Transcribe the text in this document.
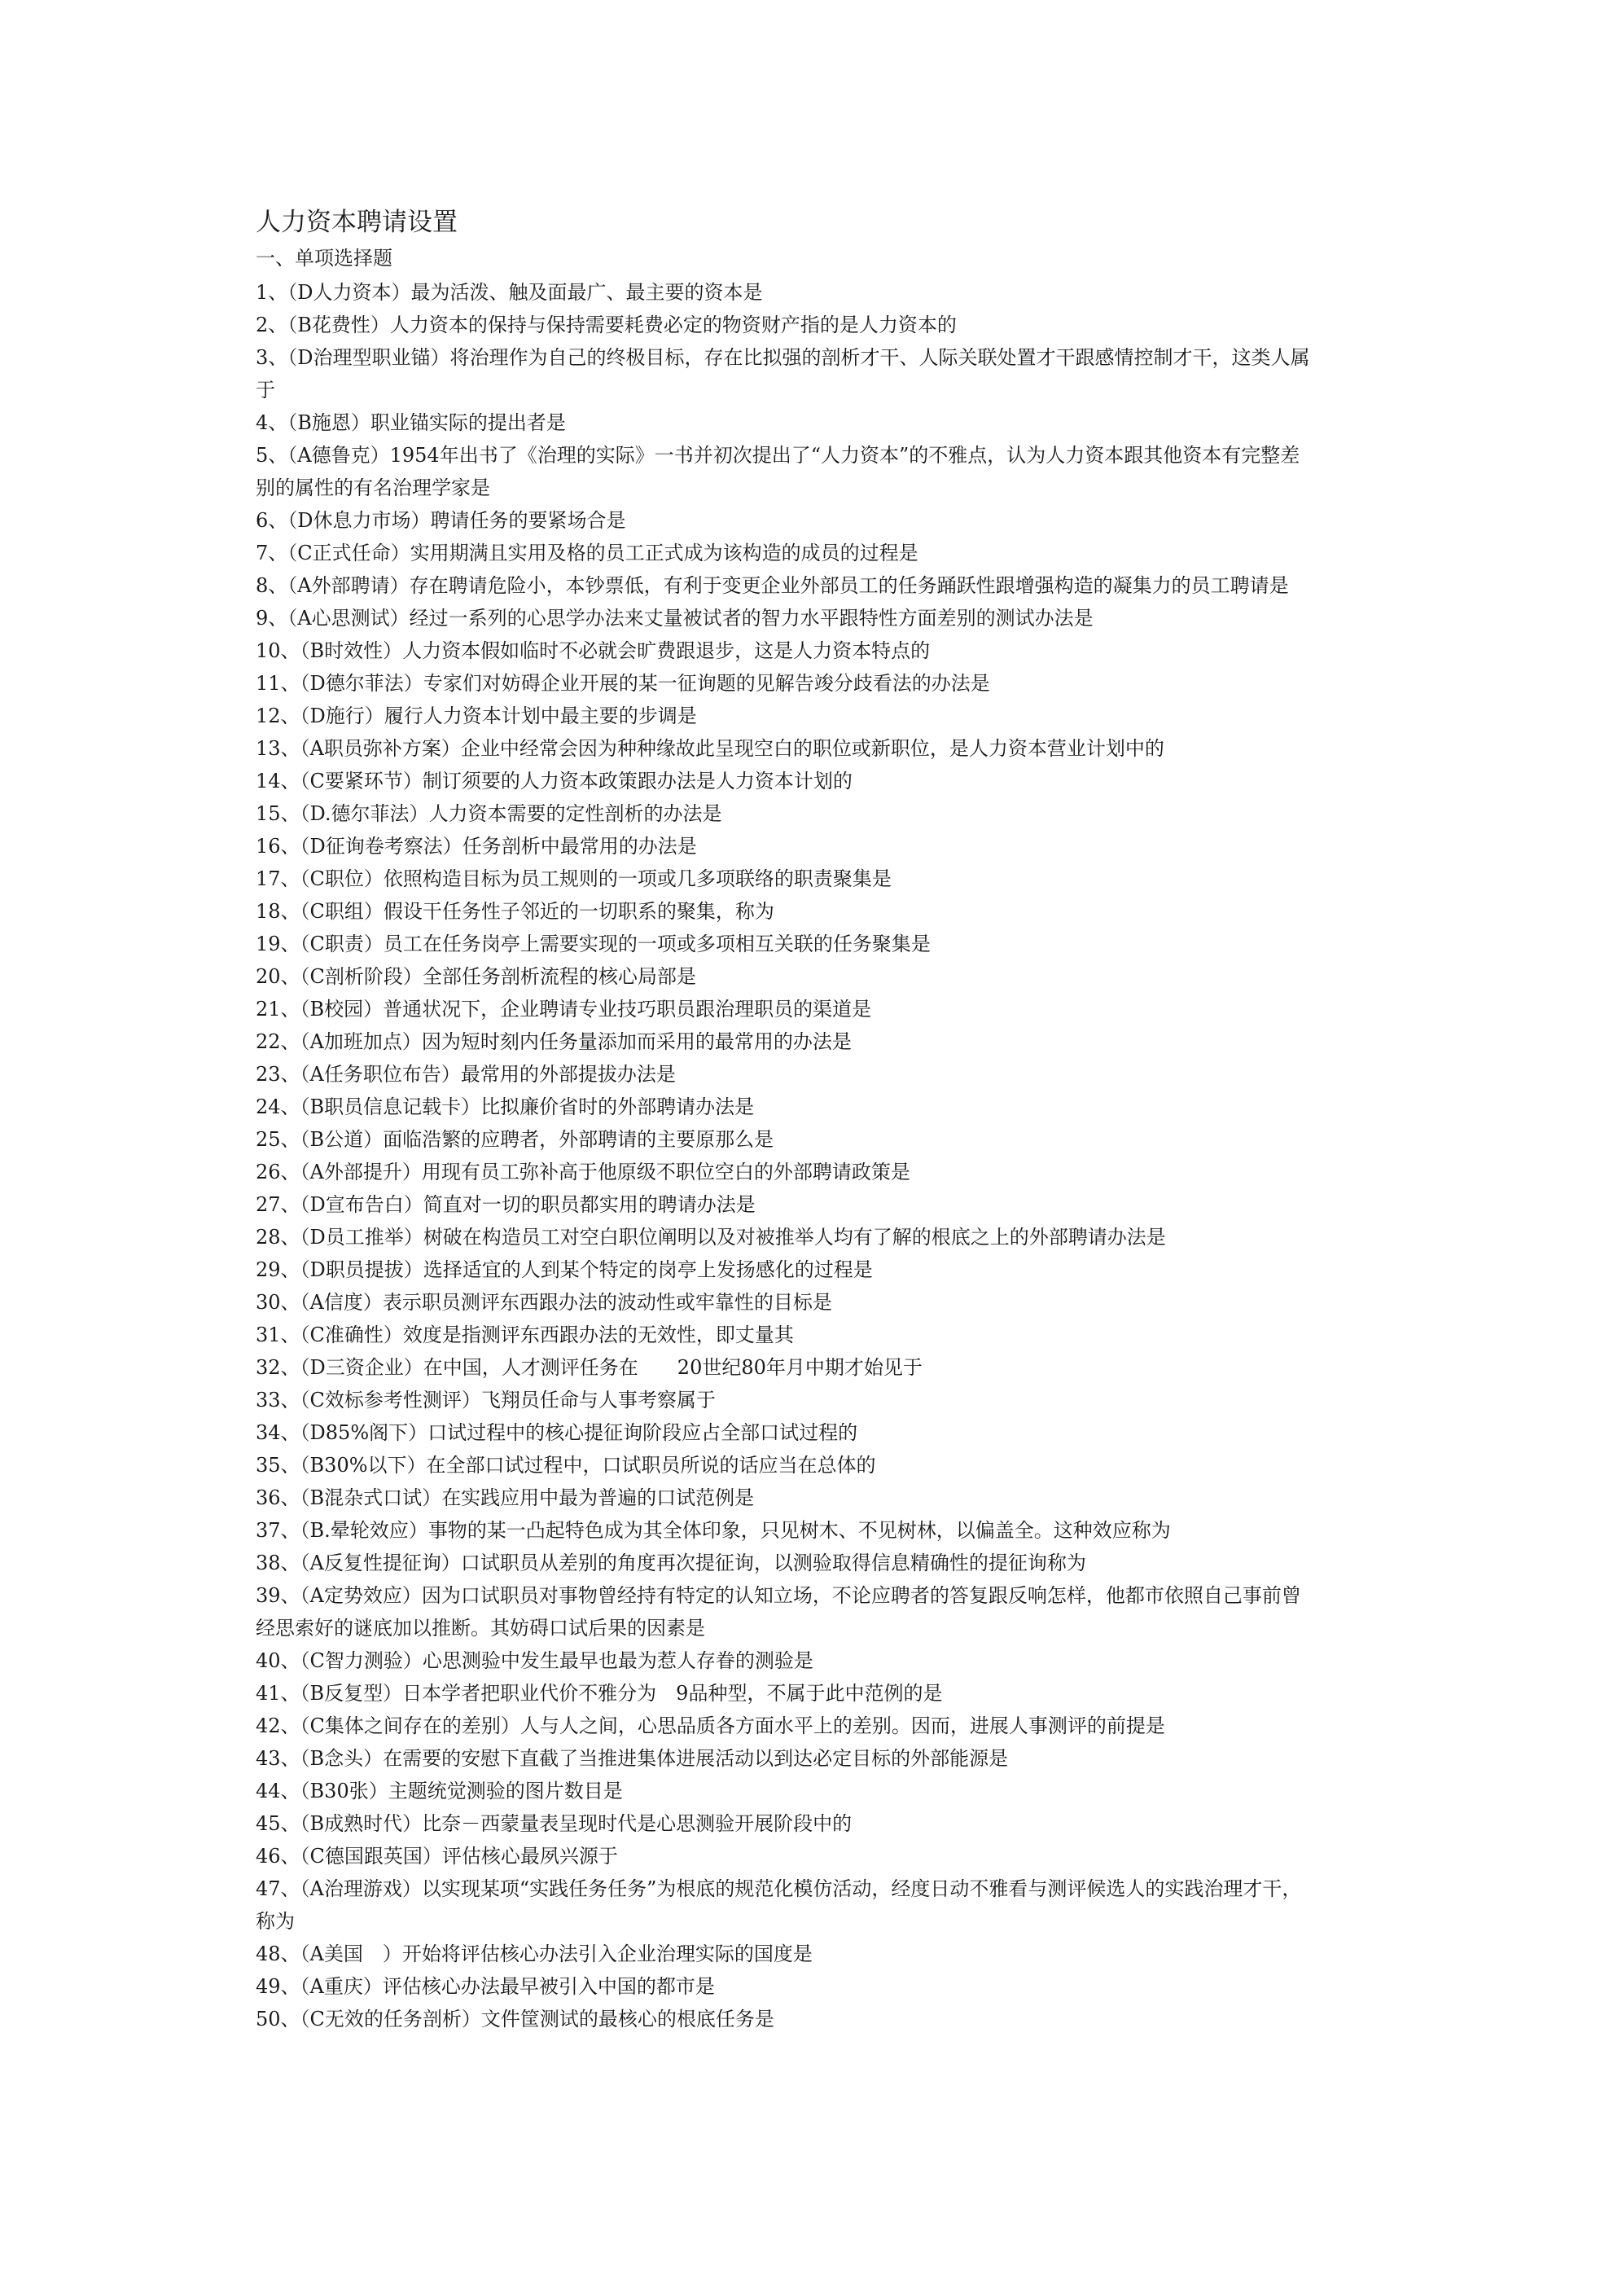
人力资本聘请设置
一、单项选择题
1、（D人力资本）最为活泼、触及面最广、最主要的资本是
2、（B花费性）人力资本的保持与保持需要耗费必定的物资财产指的是人力资本的
3、（D治理型职业锚）将治理作为自己的终极目标，存在比拟强的剖析才干、人际关联处置才干跟感情控制才干，这类人属于
4、（B施恩）职业锚实际的提出者是
5、（A德鲁克）1954年出书了《治理的实际》一书并初次提出了“人力资本”的不雅点，认为人力资本跟其他资本有完整差别的属性的有名治理学家是
6、（D休息力市场）聘请任务的要紧场合是
7、（C正式任命）实用期满且实用及格的员工正式成为该构造的成员的过程是
8、（A外部聘请）存在聘请危险小，本钞票低，有利于变更企业外部员工的任务踊跃性跟增强构造的凝集力的员工聘请是
9、（A心思测试）经过一系列的心思学办法来丈量被试者的智力水平跟特性方面差别的测试办法是
10、（B时效性）人力资本假如临时不必就会旷费跟退步，这是人力资本特点的
11、（D德尔菲法）专家们对妨碍企业开展的某一征询题的见解告竣分歧看法的办法是
12、（D施行）履行人力资本计划中最主要的步调是
13、（A职员弥补方案）企业中经常会因为种种缘故此呈现空白的职位或新职位，是人力资本营业计划中的
14、（C要紧环节）制订须要的人力资本政策跟办法是人力资本计划的
15、（D.德尔菲法）人力资本需要的定性剖析的办法是
16、（D征询卷考察法）任务剖析中最常用的办法是
17、（C职位）依照构造目标为员工规则的一项或几多项联络的职责聚集是
18、（C职组）假设干任务性子邻近的一切职系的聚集，称为
19、（C职责）员工在任务岗亭上需要实现的一项或多项相互关联的任务聚集是
20、（C剖析阶段）全部任务剖析流程的核心局部是
21、（B校园）普通状况下，企业聘请专业技巧职员跟治理职员的渠道是
22、（A加班加点）因为短时刻内任务量添加而采用的最常用的办法是
23、（A任务职位布告）最常用的外部提拔办法是
24、（B职员信息记载卡）比拟廉价省时的外部聘请办法是
25、（B公道）面临浩繁的应聘者，外部聘请的主要原那么是
26、（A外部提升）用现有员工弥补高于他原级不职位空白的外部聘请政策是
27、（D宣布告白）简直对一切的职员都实用的聘请办法是
28、（D员工推举）树破在构造员工对空白职位阐明以及对被推举人均有了解的根底之上的外部聘请办法是
29、（D职员提拔）选择适宜的人到某个特定的岗亭上发扬感化的过程是
30、（A信度）表示职员测评东西跟办法的波动性或牢靠性的目标是
31、（C准确性）效度是指测评东西跟办法的无效性，即丈量其
32、（D三资企业）在中国，人才测评任务在　　20世纪80年月中期才始见于
33、（C效标参考性测评）飞翔员任命与人事考察属于
34、（D85%阁下）口试过程中的核心提征询阶段应占全部口试过程的
35、（B30%以下）在全部口试过程中，口试职员所说的话应当在总体的
36、（B混杂式口试）在实践应用中最为普遍的口试范例是
37、（B.晕轮效应）事物的某一凸起特色成为其全体印象，只见树木、不见树林，以偏盖全。这种效应称为
38、（A反复性提征询）口试职员从差别的角度再次提征询，以测验取得信息精确性的提征询称为
39、（A定势效应）因为口试职员对事物曾经持有特定的认知立场，不论应聘者的答复跟反响怎样，他都市依照自己事前曾经思索好的谜底加以推断。其妨碍口试后果的因素是
40、（C智力测验）心思测验中发生最早也最为惹人存眷的测验是
41、（B反复型）日本学者把职业代价不雅分为　9品种型，不属于此中范例的是
42、（C集体之间存在的差别）人与人之间，心思品质各方面水平上的差别。因而，进展人事测评的前提是
43、（B念头）在需要的安慰下直截了当推进集体进展活动以到达必定目标的外部能源是
44、（B30张）主题统觉测验的图片数目是
45、（B成熟时代）比奈－西蒙量表呈现时代是心思测验开展阶段中的
46、（C德国跟英国）评估核心最夙兴源于
47、（A治理游戏）以实现某项“实践任务任务”为根底的规范化模仿活动，经度日动不雅看与测评候选人的实践治理才干，称为
48、（A美国　）开始将评估核心办法引入企业治理实际的国度是
49、（A重庆）评估核心办法最早被引入中国的都市是
50、（C无效的任务剖析）文件筐测试的最核心的根底任务是
